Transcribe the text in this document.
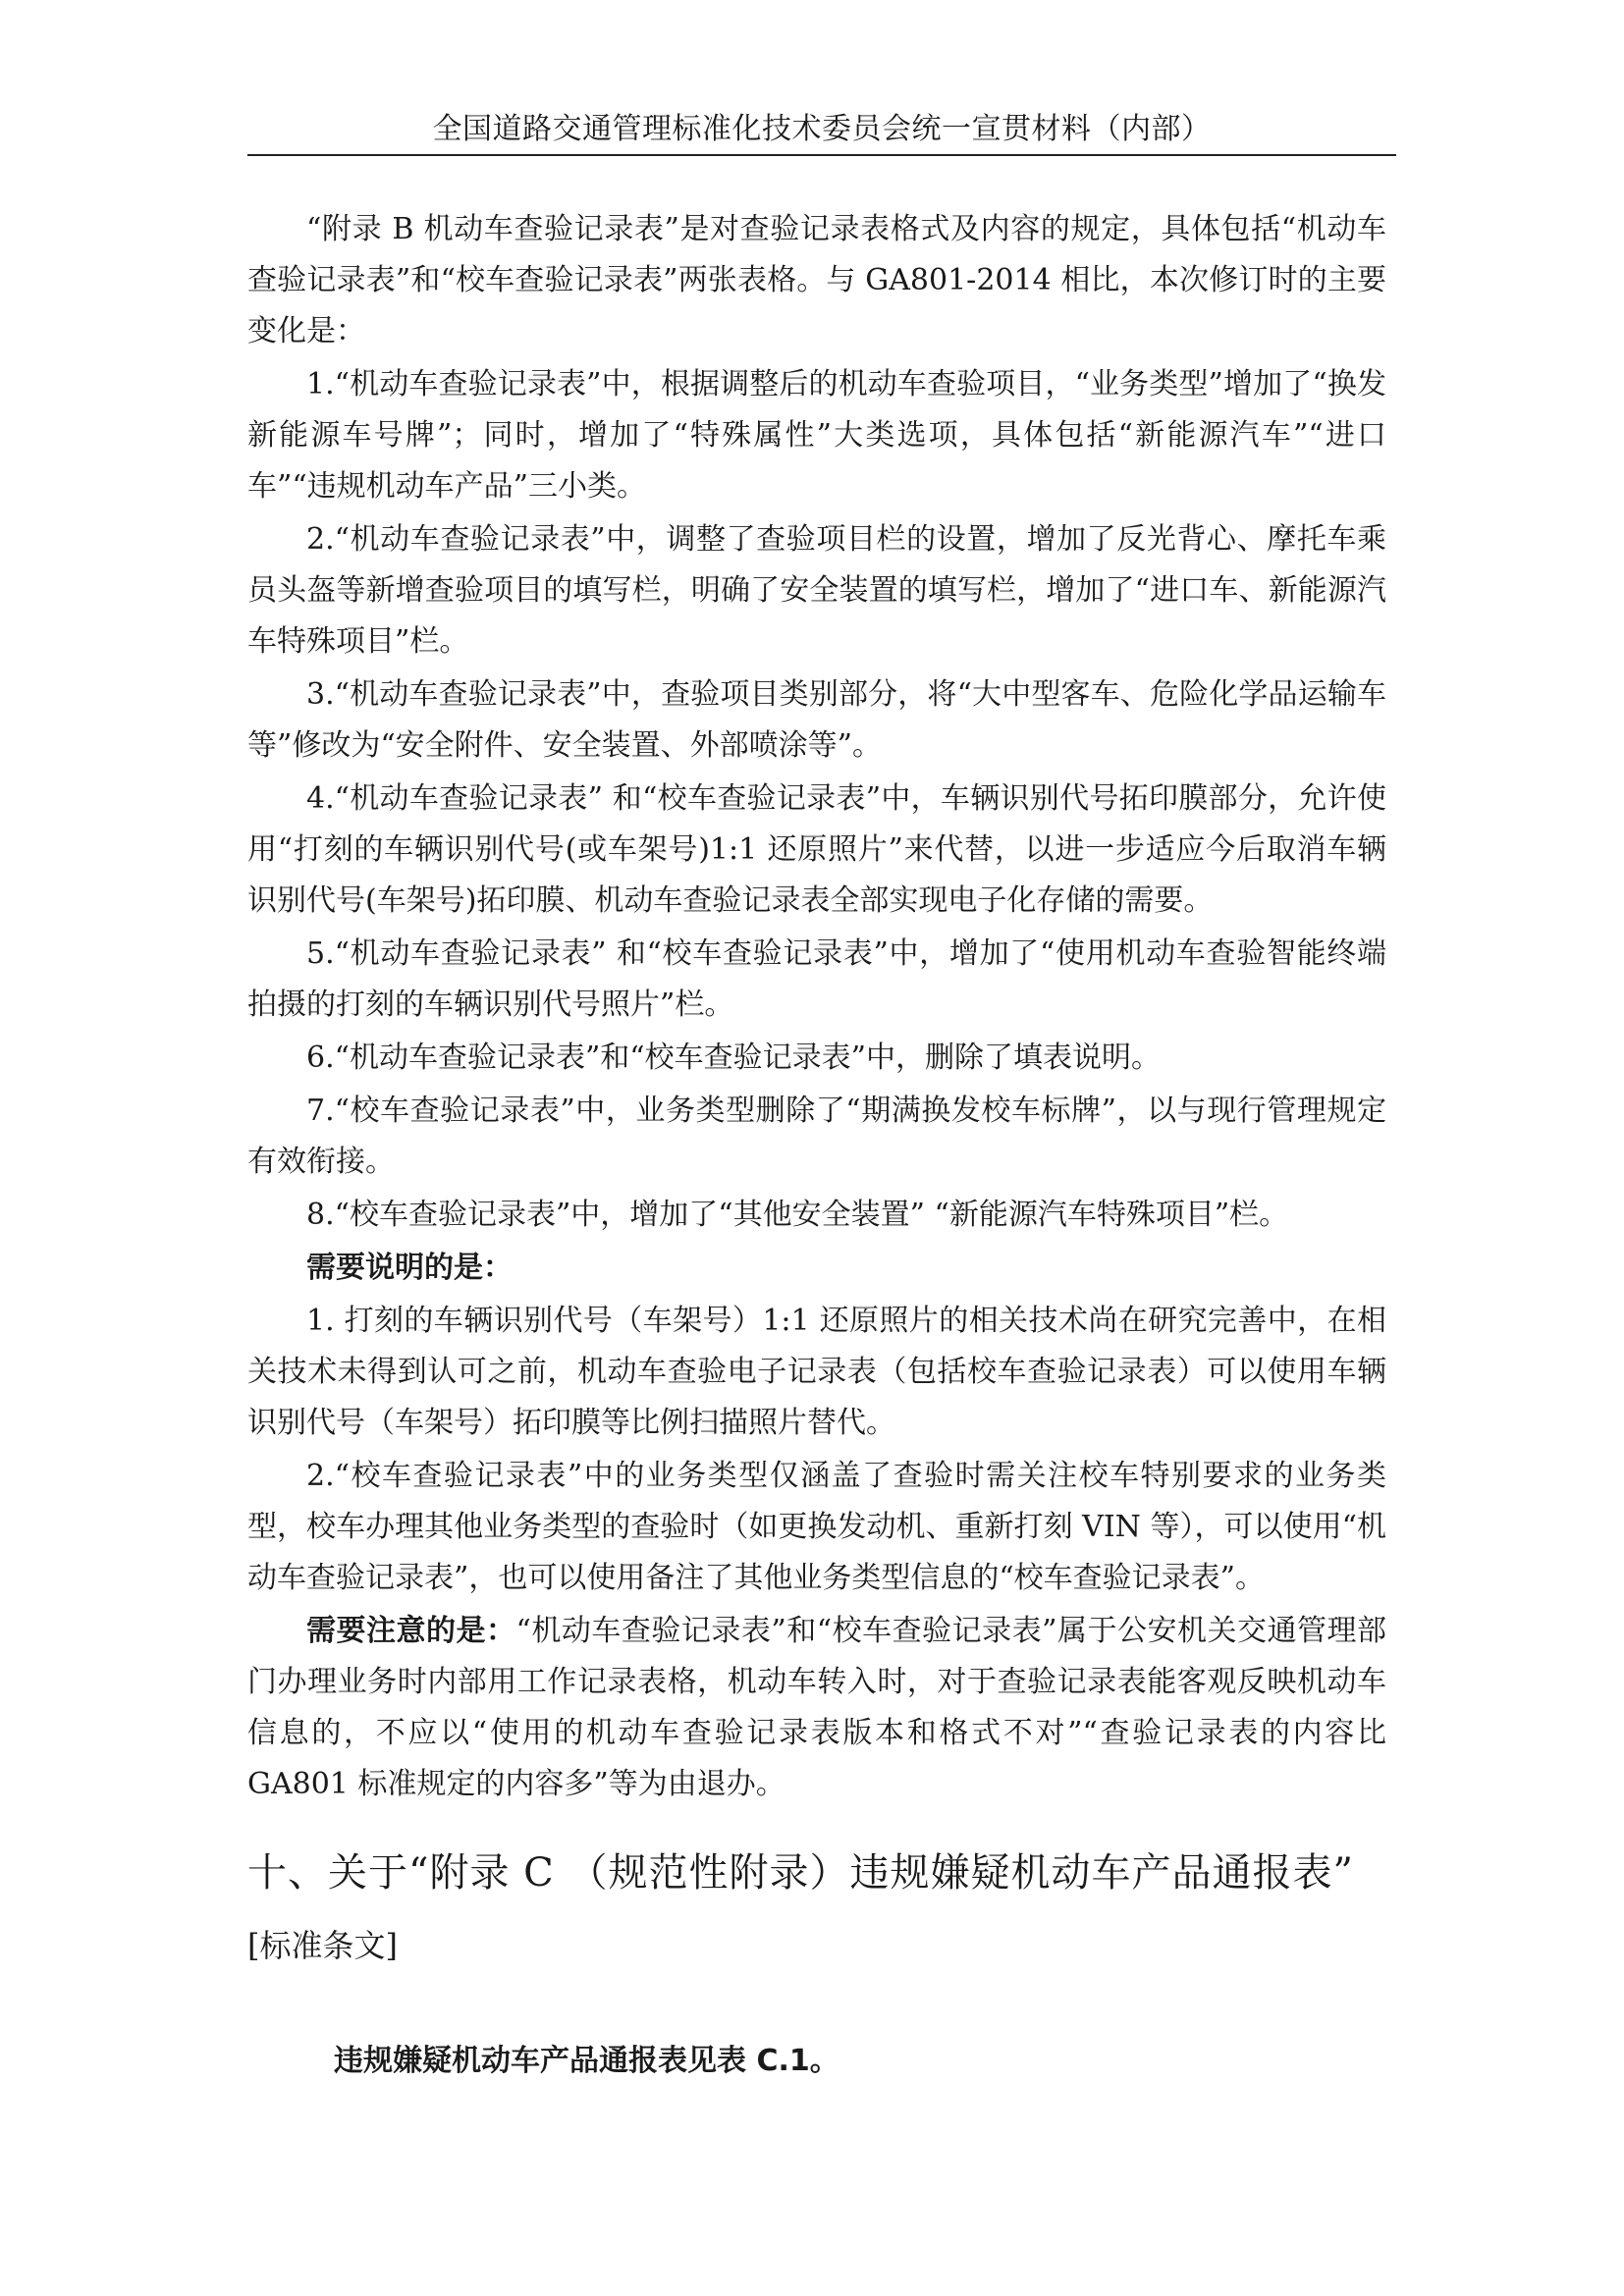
全国道路交通管理标准化技术委员会统一宣贯材料（内部）

“附录 B 机动车查验记录表”是对查验记录表格式及内容的规定，具体包括“机动车查验记录表”和“校车查验记录表”两张表格。与 GA801-2014 相比，本次修订时的主要变化是：

1.“机动车查验记录表”中，根据调整后的机动车查验项目，“业务类型”增加了“换发新能源车号牌”；同时，增加了“特殊属性”大类选项，具体包括“新能源汽车”“进口车”“违规机动车产品”三小类。

2.“机动车查验记录表”中，调整了查验项目栏的设置，增加了反光背心、摩托车乘员头盔等新增查验项目的填写栏，明确了安全装置的填写栏，增加了“进口车、新能源汽车特殊项目”栏。

3.“机动车查验记录表”中，查验项目类别部分，将“大中型客车、危险化学品运输车等”修改为“安全附件、安全装置、外部喷涂等”。

4.“机动车查验记录表” 和“校车查验记录表”中，车辆识别代号拓印膜部分，允许使用“打刻的车辆识别代号(或车架号)1:1 还原照片”来代替，以进一步适应今后取消车辆识别代号(车架号)拓印膜、机动车查验记录表全部实现电子化存储的需要。

5.“机动车查验记录表” 和“校车查验记录表”中，增加了“使用机动车查验智能终端拍摄的打刻的车辆识别代号照片”栏。

6.“机动车查验记录表”和“校车查验记录表”中，删除了填表说明。

7.“校车查验记录表”中，业务类型删除了“期满换发校车标牌”，以与现行管理规定有效衔接。

8.“校车查验记录表”中，增加了“其他安全装置” “新能源汽车特殊项目”栏。

需要说明的是：

1. 打刻的车辆识别代号（车架号）1:1 还原照片的相关技术尚在研究完善中，在相关技术未得到认可之前，机动车查验电子记录表（包括校车查验记录表）可以使用车辆识别代号（车架号）拓印膜等比例扫描照片替代。

2.“校车查验记录表”中的业务类型仅涵盖了查验时需关注校车特别要求的业务类型，校车办理其他业务类型的查验时（如更换发动机、重新打刻 VIN 等），可以使用“机动车查验记录表”，也可以使用备注了其他业务类型信息的“校车查验记录表”。

需要注意的是：“机动车查验记录表”和“校车查验记录表”属于公安机关交通管理部门办理业务时内部用工作记录表格，机动车转入时，对于查验记录表能客观反映机动车信息的，不应以“使用的机动车查验记录表版本和格式不对”“查验记录表的内容比 GA801 标准规定的内容多”等为由退办。

十、关于“附录 C （规范性附录）违规嫌疑机动车产品通报表”
[标准条文]
违规嫌疑机动车产品通报表见表 C.1。
